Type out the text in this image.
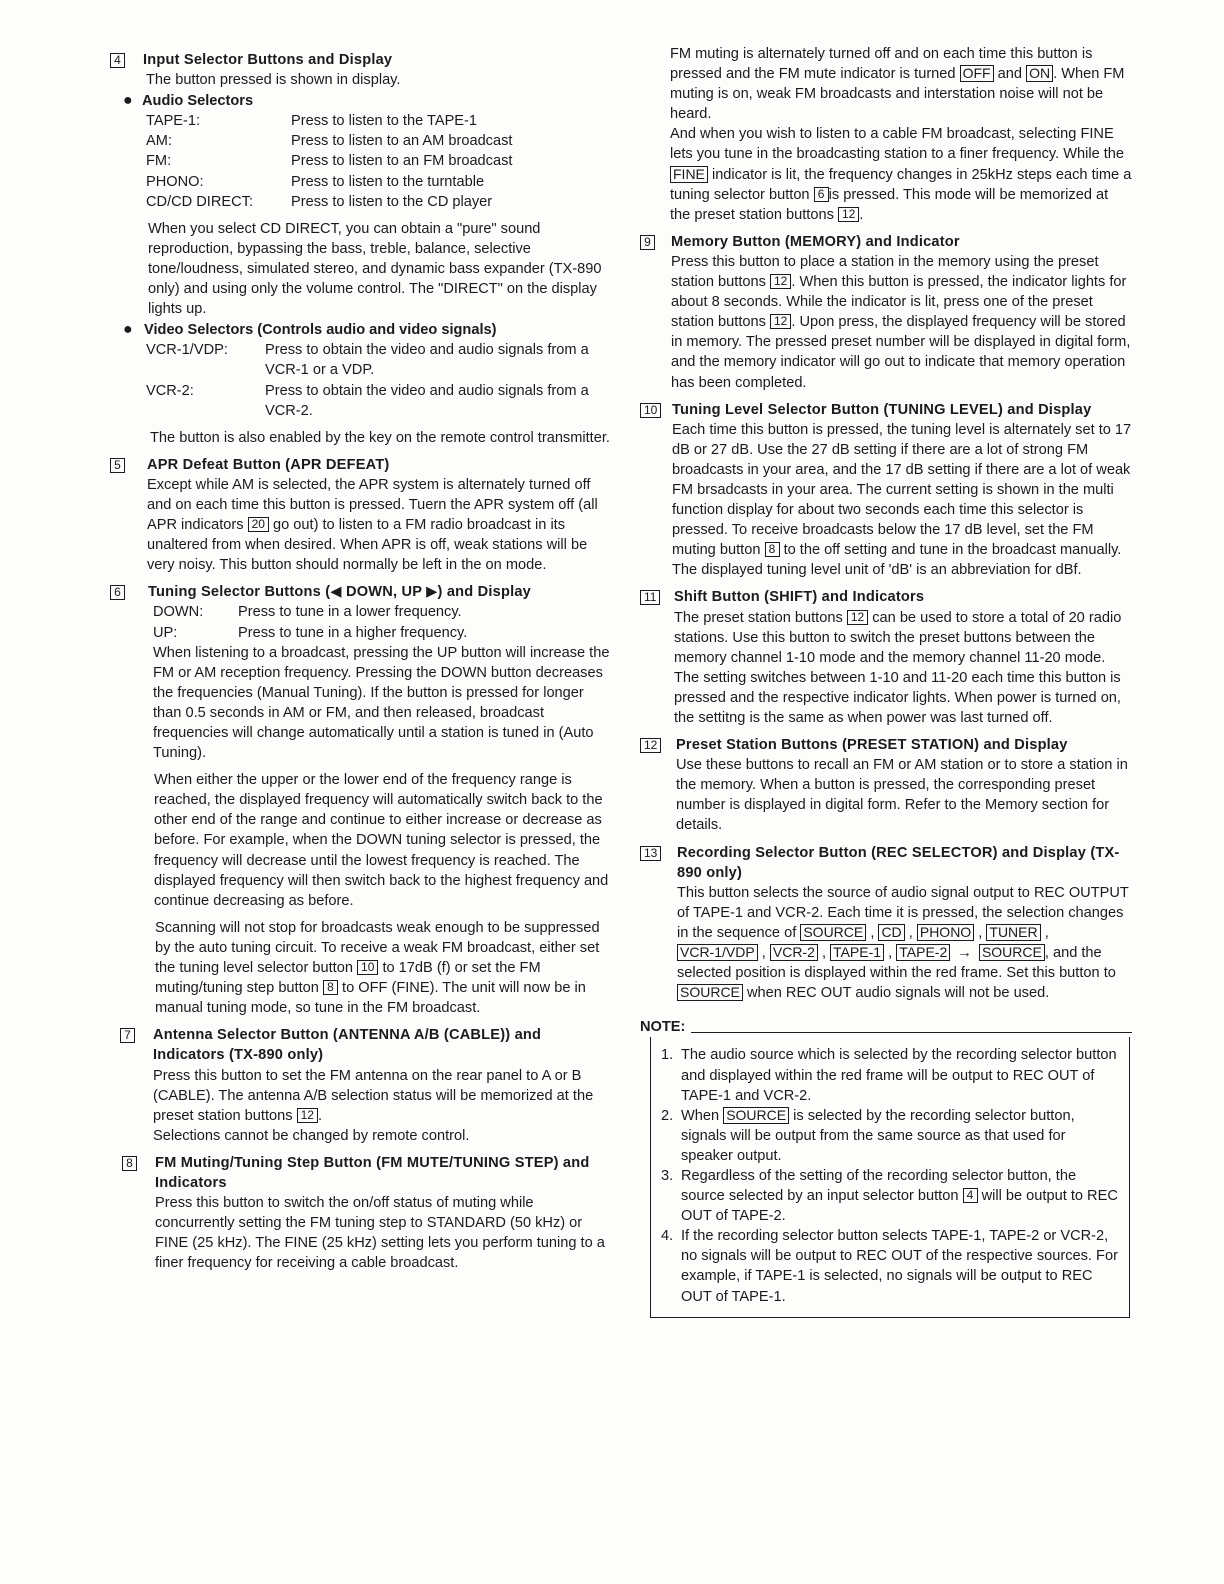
4 Input Selector Buttons and Display
The button pressed is shown in display.
● Audio Selectors
TAPE-1:	Press to listen to the TAPE-1
AM:	Press to listen to an AM broadcast
FM:	Press to listen to an FM broadcast
PHONO:	Press to listen to the turntable
CD/CD DIRECT:	Press to listen to the CD player
When you select CD DIRECT, you can obtain a "pure" sound reproduction, bypassing the bass, treble, balance, selective tone/loudness, simulated stereo, and dynamic bass expander (TX-890 only) and using only the volume control. The "DIRECT" on the display lights up.
● Video Selectors (Controls audio and video signals)
VCR-1/VDP:	Press to obtain the video and audio signals from a VCR-1 or a VDP.
VCR-2:	Press to obtain the video and audio signals from a VCR-2.
The button is also enabled by the key on the remote control transmitter.
5 APR Defeat Button (APR DEFEAT)
Except while AM is selected, the APR system is alternately turned off and on each time this button is pressed. Tuern the APR system off (all APR indicators 20 go out) to listen to a FM radio broadcast in its unaltered from when desired. When APR is off, weak stations will be very noisy. This button should normally be left in the on mode.
6 Tuning Selector Buttons (◀ DOWN, UP ▶) and Display
DOWN:	Press to tune in a lower frequency.
UP:	Press to tune in a higher frequency.
When listening to a broadcast, pressing the UP button will increase the FM or AM reception frequency. Pressing the DOWN button decreases the frequencies (Manual Tuning). If the button is pressed for longer than 0.5 seconds in AM or FM, and then released, broadcast frequencies will change automatically until a station is tuned in (Auto Tuning).
When either the upper or the lower end of the frequency range is reached, the displayed frequency will automatically switch back to the other end of the range and continue to either increase or decrease as before. For example, when the DOWN tuning selector is pressed, the frequency will decrease until the lowest frequency is reached. The displayed frequency will then switch back to the highest frequency and continue decreasing as before.
Scanning will not stop for broadcasts weak enough to be suppressed by the auto tuning circuit. To receive a weak FM broadcast, either set the tuning level selector button 10 to 17dB (f) or set the FM muting/tuning step button 8 to OFF (FINE). The unit will now be in manual tuning mode, so tune in the FM broadcast.
7 Antenna Selector Button (ANTENNA A/B (CABLE)) and Indicators (TX-890 only)
Press this button to set the FM antenna on the rear panel to A or B (CABLE). The antenna A/B selection status will be memorized at the preset station buttons 12 .
Selections cannot be changed by remote control.
8 FM Muting/Tuning Step Button (FM MUTE/TUNING STEP) and Indicators
Press this button to switch the on/off status of muting while concurrently setting the FM tuning step to STANDARD (50 kHz) or FINE (25 kHz). The FINE (25 kHz) setting lets you perform tuning to a finer frequency for receiving a cable broadcast.
FM muting is alternately turned off and on each time this button is pressed and the FM mute indicator is turned OFF and ON . When FM muting is on, weak FM broadcasts and interstation noise will not be heard.
And when you wish to listen to a cable FM broadcast, selecting FINE lets you tune in the broadcasting station to a finer frequency. While the FINE indicator is lit, the frequency changes in 25kHz steps each time a tuning selector button 6 is pressed. This mode will be memorized at the preset station buttons 12 .
9 Memory Button (MEMORY) and Indicator
Press this button to place a station in the memory using the preset station buttons 12 . When this button is pressed, the indicator lights for about 8 seconds. While the indicator is lit, press one of the preset station buttons 12 . Upon press, the displayed frequency will be stored in memory. The pressed preset number will be displayed in digital form, and the memory indicator will go out to indicate that memory operation has been completed.
10 Tuning Level Selector Button (TUNING LEVEL) and Display
Each time this button is pressed, the tuning level is alternately set to 17 dB or 27 dB. Use the 27 dB setting if there are a lot of strong FM broadcasts in your area, and the 17 dB setting if there are a lot of weak FM brsadcasts in your area. The current setting is shown in the multi function display for about two seconds each time this selector is pressed. To receive broadcasts below the 17 dB level, set the FM muting button 8 to the off setting and tune in the broadcast manually. The displayed tuning level unit of 'dB' is an abbreviation for dBf.
11 Shift Button (SHIFT) and Indicators
The preset station buttons 12 can be used to store a total of 20 radio stations. Use this button to switch the preset buttons between the memory channel 1-10 mode and the memory channel 11-20 mode. The setting switches between 1-10 and 11-20 each time this button is pressed and the respective indicator lights. When power is turned on, the settitng is the same as when power was last turned off.
12 Preset Station Buttons (PRESET STATION) and Display
Use these buttons to recall an FM or AM station or to store a station in the memory. When a button is pressed, the corresponding preset number is displayed in digital form. Refer to the Memory section for details.
13 Recording Selector Button (REC SELECTOR) and Display (TX-890 only)
This button selects the source of audio signal output to REC OUTPUT of TAPE-1 and VCR-2. Each time it is pressed, the selection changes in the sequence of SOURCE , CD , PHONO , TUNER , VCR-1/VDP , VCR-2 , TAPE-1 , TAPE-2 → SOURCE , and the selected position is displayed within the red frame. Set this button to SOURCE when REC OUT audio signals will not be used.
NOTE:
1. The audio source which is selected by the recording selector button and displayed within the red frame will be output to REC OUT of TAPE-1 and VCR-2.
2. When SOURCE is selected by the recording selector button, signals will be output from the same source as that used for speaker output.
3. Regardless of the setting of the recording selector button, the source selected by an input selector button 4 will be output to REC OUT of TAPE-2.
4. If the recording selector button selects TAPE-1, TAPE-2 or VCR-2, no signals will be output to REC OUT of the respective sources. For example, if TAPE-1 is selected, no signals will be output to REC OUT of TAPE-1.
